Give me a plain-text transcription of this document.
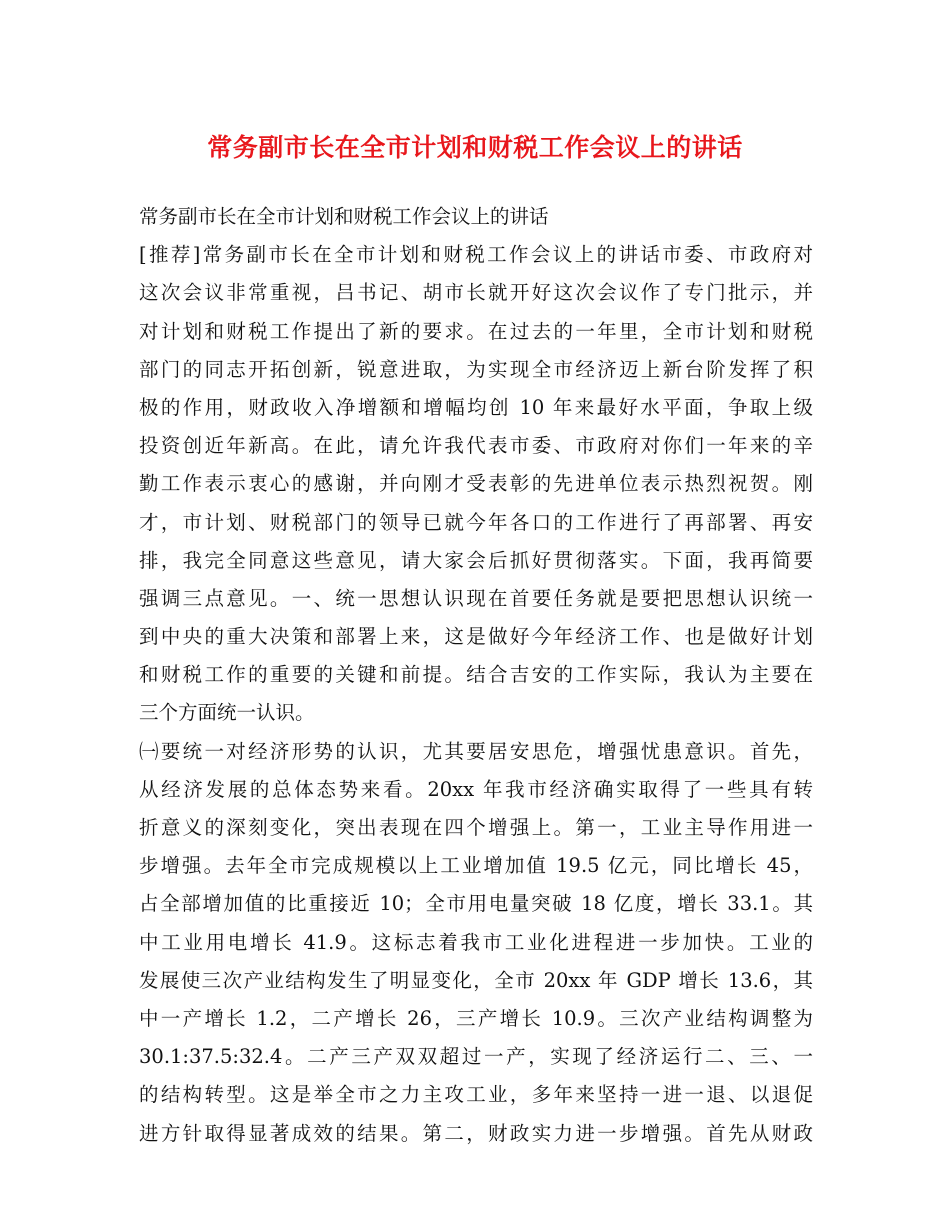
常务副市长在全市计划和财税工作会议上的讲话
常务副市长在全市计划和财税工作会议上的讲话
[推荐]常务副市长在全市计划和财税工作会议上的讲话市委、市政府对
这次会议非常重视，吕书记、胡市长就开好这次会议作了专门批示，并
对计划和财税工作提出了新的要求。在过去的一年里，全市计划和财税
部门的同志开拓创新，锐意进取，为实现全市经济迈上新台阶发挥了积
极的作用，财政收入净增额和增幅均创 10 年来最好水平面，争取上级
投资创近年新高。在此，请允许我代表市委、市政府对你们一年来的辛
勤工作表示衷心的感谢，并向刚才受表彰的先进单位表示热烈祝贺。刚
才，市计划、财税部门的领导已就今年各口的工作进行了再部署、再安
排，我完全同意这些意见，请大家会后抓好贯彻落实。下面，我再简要
强调三点意见。一、统一思想认识现在首要任务就是要把思想认识统一
到中央的重大决策和部署上来，这是做好今年经济工作、也是做好计划
和财税工作的重要的关键和前提。结合吉安的工作实际，我认为主要在
三个方面统一认识。
㈠要统一对经济形势的认识，尤其要居安思危，增强忧患意识。首先，
从经济发展的总体态势来看。20xx 年我市经济确实取得了一些具有转
折意义的深刻变化，突出表现在四个增强上。第一，工业主导作用进一
步增强。去年全市完成规模以上工业增加值 19.5 亿元，同比增长 45，
占全部增加值的比重接近 10；全市用电量突破 18 亿度，增长 33.1。其
中工业用电增长 41.9。这标志着我市工业化进程进一步加快。工业的
发展使三次产业结构发生了明显变化，全市 20xx 年 GDP 增长 13.6，其
中一产增长 1.2，二产增长 26，三产增长 10.9。三次产业结构调整为
30.1:37.5:32.4。二产三产双双超过一产，实现了经济运行二、三、一
的结构转型。这是举全市之力主攻工业，多年来坚持一进一退、以退促
进方针取得显著成效的结果。第二，财政实力进一步增强。首先从财政
